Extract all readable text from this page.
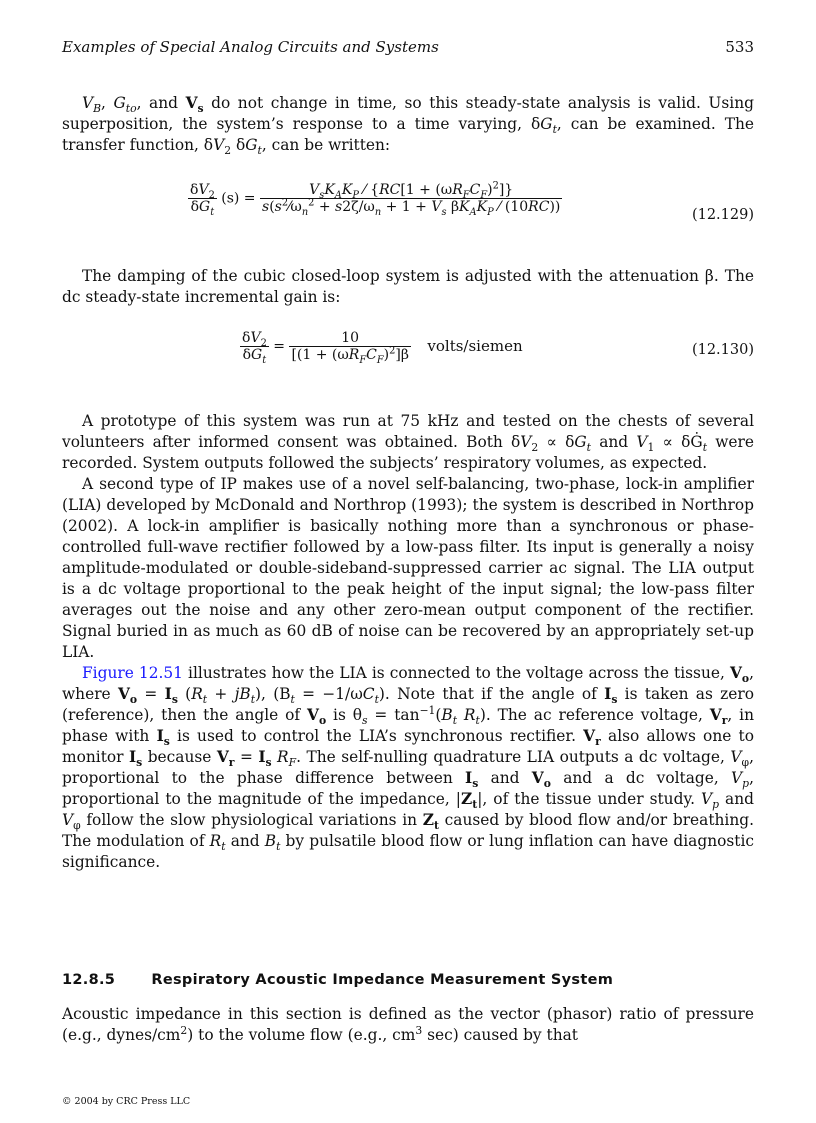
Examples of Special Analog Circuits and Systems	533

$V_B$, $G_{to}$, and $V_s$ do not change in time, so this steady-state analysis is valid. Using superposition, the system’s response to a time varying, $\delta G_t$, can be examined. The transfer function, $\delta V_2$ $\delta G_t$, can be written:

$\frac{\delta V_2}{\delta G_t} (s) = \frac{V_sK_AK_P ⁄ \{RC[1 + (\omega R_FC_F)^2]\}}{s(s^2⁄\omega_n^2 + s2\zeta/\omega_n + 1 + V_s \beta K_AK_P ⁄ (10RC))}$	(12.129)

The damping of the cubic closed-loop system is adjusted with the attenuation β. The dc steady-state incremental gain is:

$\frac{\delta V_2}{\delta G_t} = \frac{10}{[(1 + (\omega R_FC_F)^2]\beta}$ volts/siemen	(12.130)

A prototype of this system was run at 75 kHz and tested on the chests of several volunteers after informed consent was obtained. Both $\delta V_2 \propto \delta G_t$ and $V_1$ ∝ $\delta Ġ_t$ were recorded. System outputs followed the subjects’ respiratory volumes, as expected.

A second type of IP makes use of a novel self-balancing, two-phase, lock-in amplifier (LIA) developed by McDonald and Northrop (1993); the system is described in Northrop (2002). A lock-in amplifier is basically nothing more than a synchronous or phase-controlled full-wave rectifier followed by a low-pass filter. Its input is generally a noisy amplitude-modulated or double-sideband-suppressed carrier ac signal. The LIA output is a dc voltage proportional to the peak height of the input signal; the low-pass filter averages out the noise and any other zero-mean output component of the rectifier. Signal buried in as much as 60 dB of noise can be recovered by an appropriately set-up LIA.

Figure 12.51 illustrates how the LIA is connected to the voltage across the tissue, $V_o$, where $V_o = I_s$ $(R_t + jB_t)$, $(B_t = -1/\omega C_t)$. Note that if the angle of $I_s$ is taken as zero (reference), then the angle of $V_o$ is $\theta_s = \tan^{-1}(B_t$ $R_t$). The ac reference voltage, $V_r$, in phase with $I_s$ is used to control the LIA’s synchronous rectifier. $V_r$ also allows one to monitor $I_s$ because $V_r = I_s$ $R_F$. The self-nulling quadrature LIA outputs a dc voltage, $V_\varphi$, proportional to the phase difference between $I_s$ and $V_o$ and a dc voltage, $V_p$, proportional to the magnitude of the impedance, $|Z_t|$, of the tissue under study. $V_p$ and $V_\varphi$ follow the slow physiological variations in $Z_t$ caused by blood flow and/or breathing. The modulation of $R_t$ and $B_t$ by pulsatile blood flow or lung inflation can have diagnostic significance.

12.8.5 Respiratory Acoustic Impedance Measurement System

Acoustic impedance in this section is defined as the vector (phasor) ratio of pressure (e.g., dynes/$cm^2$) to the volume flow (e.g., $cm^3$ sec) caused by that

© 2004 by CRC Press LLC
